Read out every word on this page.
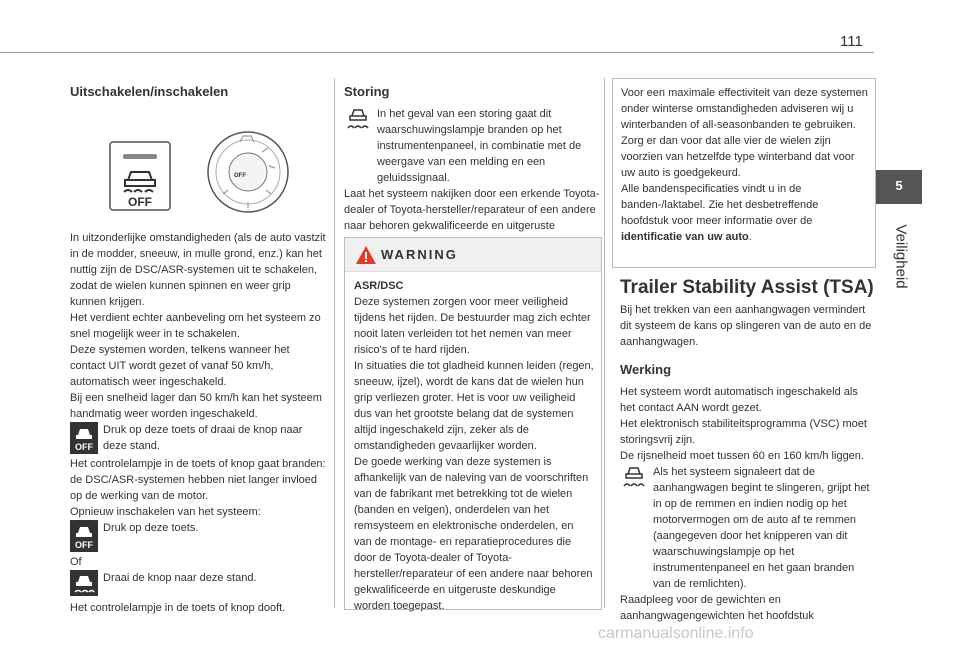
111
5
Veiligheid
Uitschakelen/inschakelen
OFF
OFF

In uitzonderlijke omstandigheden (als de auto vastzit in de modder, sneeuw, in mulle grond, enz.) kan het nuttig zijn de DSC/ASR-systemen uit te schakelen, zodat de wielen kunnen spinnen en weer grip kunnen krijgen.

Het verdient echter aanbeveling om het systeem zo snel mogelijk weer in te schakelen.

Deze systemen worden, telkens wanneer het contact UIT wordt gezet of vanaf 50 km/h, automatisch weer ingeschakeld.

Bij een snelheid lager dan 50 km/h kan het systeem handmatig weer worden ingeschakeld.

OFF

Druk op deze toets of draai de knop naar deze stand.

Het controlelampje in de toets of knop gaat branden: de DSC/ASR-systemen hebben niet langer invloed op de werking van de motor.

Opnieuw inschakelen van het systeem:

OFF

Druk op deze toets.

Of

Draai de knop naar deze stand.

Het controlelampje in de toets of knop dooft.

Storing

In het geval van een storing gaat dit waarschuwingslampje branden op het instrumentenpaneel, in combinatie met de weergave van een melding en een geluidssignaal.

Laat het systeem nakijken door een erkende Toyota-dealer of Toyota-hersteller/reparateur of een andere naar behoren gekwalificeerde en uitgeruste

WARNING

ASR/DSC

Deze systemen zorgen voor meer veiligheid tijdens het rijden. De bestuurder mag zich echter nooit laten verleiden tot het nemen van meer risico's of te hard rijden.

In situaties die tot gladheid kunnen leiden (regen, sneeuw, ijzel), wordt de kans dat de wielen hun grip verliezen groter. Het is voor uw veiligheid dus van het grootste belang dat de systemen altijd ingeschakeld zijn, zeker als de omstandigheden gevaarlijker worden.

De goede werking van deze systemen is afhankelijk van de naleving van de voorschriften van de fabrikant met betrekking tot de wielen (banden en velgen), onderdelen van het remsysteem en elektronische onderdelen, en van de montage- en reparatieprocedures die door de Toyota-dealer of Toyota-hersteller/reparateur of een andere naar behoren gekwalificeerde en uitgeruste deskundige worden toegepast.

Voor een maximale effectiviteit van deze systemen onder winterse omstandigheden adviseren wij u winterbanden of all-seasonbanden te gebruiken. Zorg er dan voor dat alle vier de wielen zijn voorzien van hetzelfde type winterband dat voor uw auto is goedgekeurd.

Alle bandenspecificaties vindt u in de banden-/laktabel. Zie het desbetreffende hoofdstuk voor meer informatie over de identificatie van uw auto.

Trailer Stability Assist (TSA)

Bij het trekken van een aanhangwagen vermindert dit systeem de kans op slingeren van de auto en de aanhangwagen.

Werking

Het systeem wordt automatisch ingeschakeld als het contact AAN wordt gezet.

Het elektronisch stabiliteitsprogramma (VSC) moet storingsvrij zijn.

De rijsnelheid moet tussen 60 en 160 km/h liggen.

Als het systeem signaleert dat de aanhangwagen begint te slingeren, grijpt het in op de remmen en indien nodig op het motorvermogen om de auto af te remmen (aangegeven door het knipperen van dit waarschuwingslampje op het instrumentenpaneel en het gaan branden van de remlichten).

Raadpleeg voor de gewichten en aanhangwagengewichten het hoofdstuk

carmanualsonline.info
